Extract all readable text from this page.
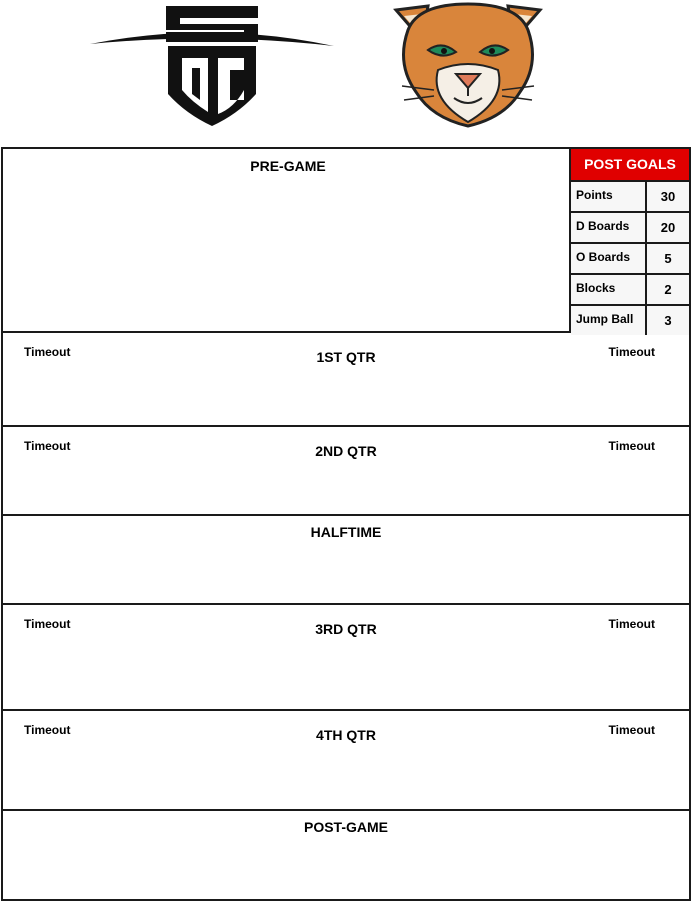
PRE-GAME	POST GOALS
Points	30
D Boards	20
O Boards	5
Blocks	2
Jump Ball	3
Timeout	1ST QTR	Timeout
Timeout	2ND QTR	Timeout
HALFTIME
Timeout	3RD QTR	Timeout
Timeout	4TH QTR	Timeout
POST-GAME
